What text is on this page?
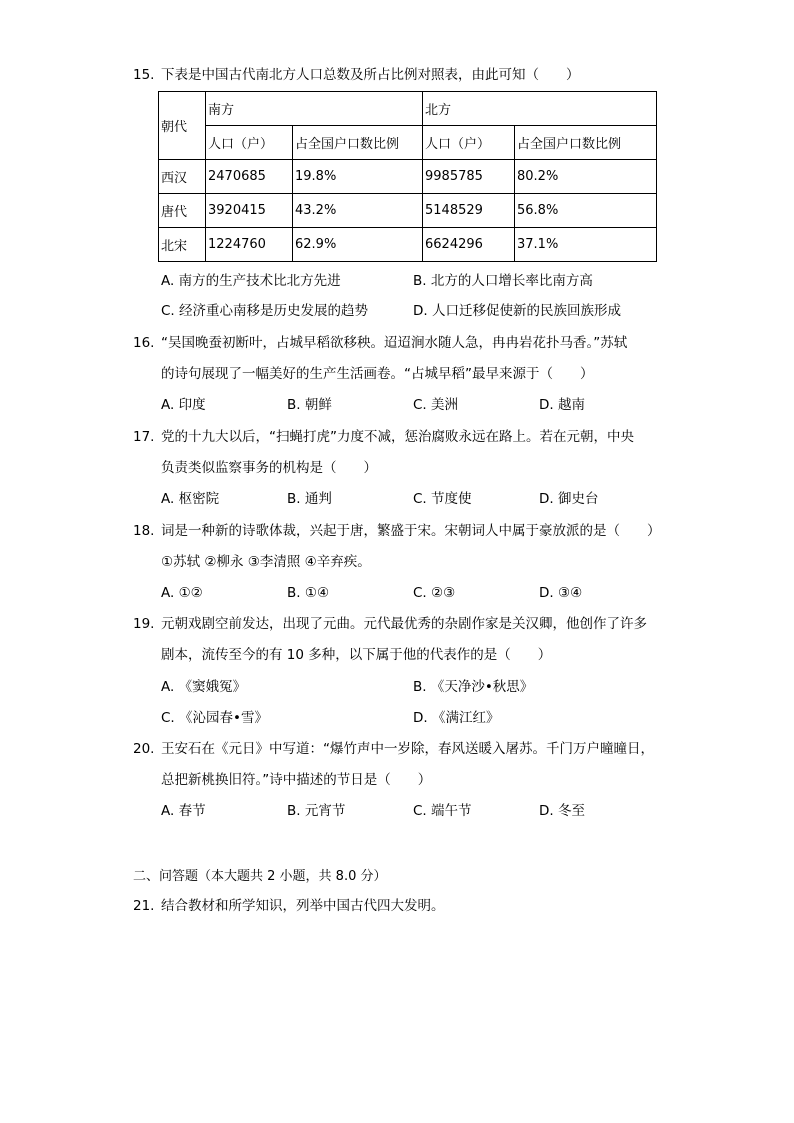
15. 下表是中国古代南北方人口总数及所占比例对照表，由此可知（　　）
朝代	南方		北方	
	人口（户）	占全国户口数比例	人口（户）	占全国户口数比例
西汉	2470685	19.8%	9985785	80.2%
唐代	3920415	43.2%	5148529	56.8%
北宋	1224760	62.9%	6624296	37.1%
A. 南方的生产技术比北方先进	B. 北方的人口增长率比南方高
C. 经济重心南移是历史发展的趋势	D. 人口迁移促使新的民族回族形成
16. “吴国晚蚕初断叶，占城早稻欲移秧。迢迢涧水随人急，冉冉岩花扑马香。”苏轼
的诗句展现了一幅美好的生产生活画卷。“占城早稻”最早来源于（　　）
A. 印度	B. 朝鲜	C. 美洲	D. 越南
17. 党的十九大以后，“扫蝇打虎”力度不减，惩治腐败永远在路上。若在元朝，中央
负责类似监察事务的机构是（　　）
A. 枢密院	B. 通判	C. 节度使	D. 御史台
18. 词是一种新的诗歌体裁，兴起于唐，繁盛于宋。宋朝词人中属于豪放派的是（　　）
①苏轼 ②柳永 ③李清照 ④辛弃疾。
A. ①②	B. ①④	C. ②③	D. ③④
19. 元朝戏剧空前发达，出现了元曲。元代最优秀的杂剧作家是关汉卿，他创作了许多
剧本，流传至今的有 10 多种，以下属于他的代表作的是（　　）
A. 《窦娥冤》	B. 《天净沙•秋思》
C. 《沁园春•雪》	D. 《满江红》
20. 王安石在《元日》中写道：“爆竹声中一岁除，春风送暖入屠苏。千门万户曈曈日，
总把新桃换旧符。”诗中描述的节日是（　　）
A. 春节	B. 元宵节	C. 端午节	D. 冬至
二、问答题（本大题共 2 小题，共 8.0 分）
21. 结合教材和所学知识，列举中国古代四大发明。
